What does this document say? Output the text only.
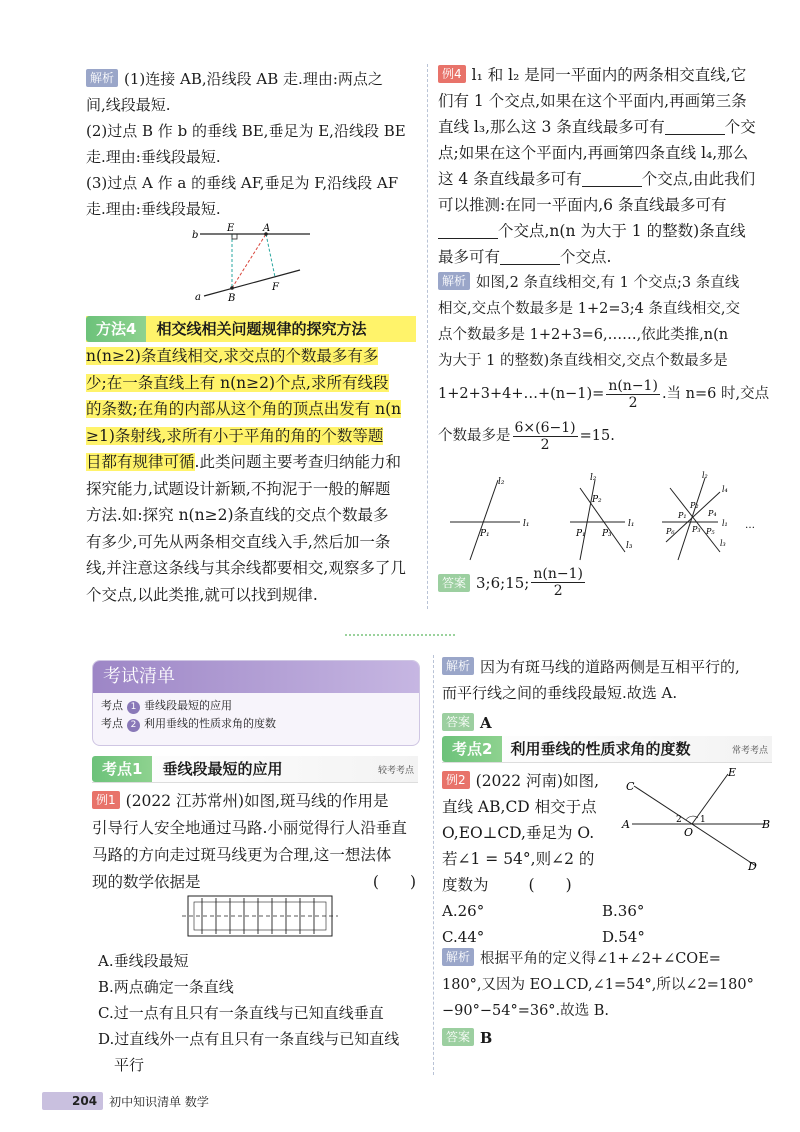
解析 (1)连接 AB,沿线段 AB 走.理由:两点之
间,线段最短.
(2)过点 B 作 b 的垂线 BE,垂足为 E,沿线段 BE
走.理由:垂线段最短.
(3)过点 A 作 a 的垂线 AF,垂足为 F,沿线段 AF
走.理由:垂线段最短.
b
E	A
a	B
F
方法4	相交线相关问题规律的探究方法
n(n≥2)条直线相交,求交点的个数最多有多
少;在一条直线上有 n(n≥2)个点,求所有线段
的条数;在角的内部从这个角的顶点出发有 n(n
≥1)条射线,求所有小于平角的角的个数等题
目都有规律可循.此类问题主要考查归纳能力和
探究能力,试题设计新颖,不拘泥于一般的解题
方法.如:探究 n(n≥2)条直线的交点个数最多
有多少,可先从两条相交直线入手,然后加一条
线,并注意这条线与其余线都要相交,观察多了几
个交点,以此类推,就可以找到规律.
例4 l₁ 和 l₂ 是同一平面内的两条相交直线,它
们有 1 个交点,如果在这个平面内,再画第三条
直线 l₃,那么这 3 条直线最多可有	个交
点;如果在这个平面内,再画第四条直线 l₄,那么
这 4 条直线最多可有	个交点,由此我们
可以推测:在同一平面内,6 条直线最多可有
个交点,n(n 为大于 1 的整数)条直线
最多可有	个交点.
解析 如图,2 条直线相交,有 1 个交点;3 条直线
相交,交点个数最多是 1+2=3;4 条直线相交,交
点个数最多是 1+2+3=6,……,依此类推,n(n
为大于 1 的整数)条直线相交,交点个数最多是
1+2+3+4+…+(n−1)= $\frac{n(n-1)}{2}$ .当 n=6 时,交点
个数最多是 $\frac{6\times(6-1)}{2} =15$.
l₂
l₁
P₁
l₂
P₂
l₁
P₁ P₃
l₃
l₂
l₄
P₁
P₂
P₃
P₄
P₅
P₆
l₁
l₃
…
答案 3;6;15; $\frac{n(n-1)}{2}$
考试清单
考点 1 垂线段最短的应用
考点 2 利用垂线的性质求角的度数
考点1	垂线段最短的应用	较考考点
例1 (2022 江苏常州)如图,斑马线的作用是
引导行人安全地通过马路.小丽觉得行人沿垂直
马路的方向走过斑马线更为合理,这一想法体
现的数学依据是	(　　)
A.垂线段最短
B.两点确定一条直线
C.过一点有且只有一条直线与已知直线垂直
D.过直线外一点有且只有一条直线与已知直线
平行
解析 因为有斑马线的道路两侧是互相平行的,
而平行线之间的垂线段最短.故选 A.
答案 A
考点2	利用垂线的性质求角的度数	常考考点
例2 (2022 河南)如图,
直线 AB,CD 相交于点
O,EO⊥CD,垂足为 O.
若∠1 = 54°,则∠2 的
度数为	(　　)
C
E
A	B
D
O
1
2
A.26°	B.36°
C.44°	D.54°
解析 根据平角的定义得∠1+∠2+∠COE=
180°,又因为 EO⊥CD,∠1=54°,所以∠2=180°
−90°−54°=36°.故选 B.
答案 B
204	初中知识清单 数学
